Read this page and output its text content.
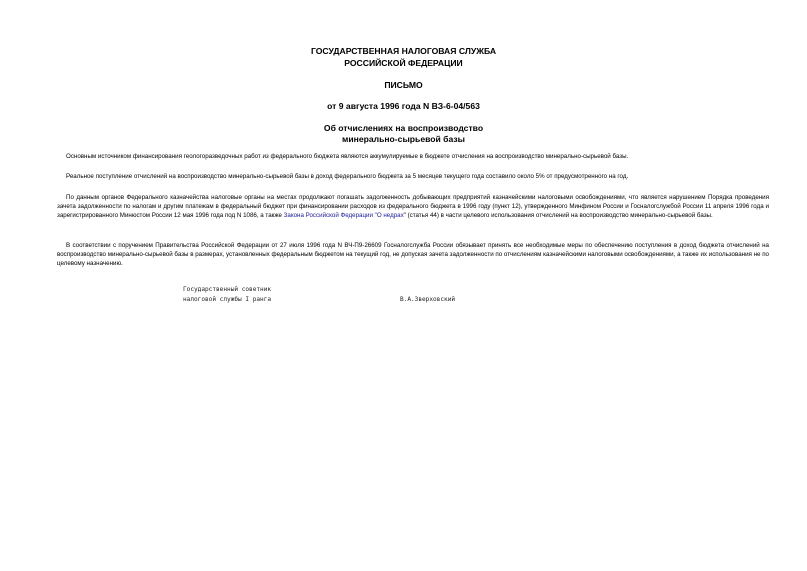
ГОСУДАРСТВЕННАЯ НАЛОГОВАЯ СЛУЖБА
РОССИЙСКОЙ ФЕДЕРАЦИИ
ПИСЬМО
от 9 августа 1996 года N ВЗ-6-04/563
Об отчислениях на воспроизводство
минерально-сырьевой базы

Основным источником финансирования геологоразведочных работ из федерального бюджета являются аккумулируемые в бюджете отчисления на воспроизводство минерально-сырьевой базы.

Реальное поступление отчислений на воспроизводство минерально-сырьевой базы в доход федерального бюджета за 5 месяцев текущего года составило около 5% от предусмотренного на год.

По данным органов Федерального казначейства налоговые органы на местах продолжают погашать задолженность добывающих предприятий казначейскими налоговыми освобождениями, что является нарушением Порядка проведения зачета задолженности по налогам и другим платежам в федеральный бюджет при финансировании расходов из федерального бюджета в 1996 году (пункт 12), утвержденного Минфином России и Госналогслужбой России 11 апреля 1996 года и зарегистрированного Минюстом России 12 мая 1996 года под N 1086, а также Закона Российской Федерации "О недрах" (статья 44) в части целевого использования отчислений на воспроизводство минерально-сырьевой базы.

В соответствии с поручением Правительства Российской Федерации от 27 июля 1996 года N ВЧ-П9-26609 Госналогслужба России обязывает принять все необходимые меры по обеспечению поступления в доход бюджета отчислений на воспроизводство минерально-сырьевой базы в размерах, установленных федеральным бюджетом на текущий год, не допуская зачета задолженности по отчислениям казначейскими налоговыми освобождениями, а также их использования не по целевому назначению.

Государственный советник
налоговой службы I ранга	В.А.Зверховский
